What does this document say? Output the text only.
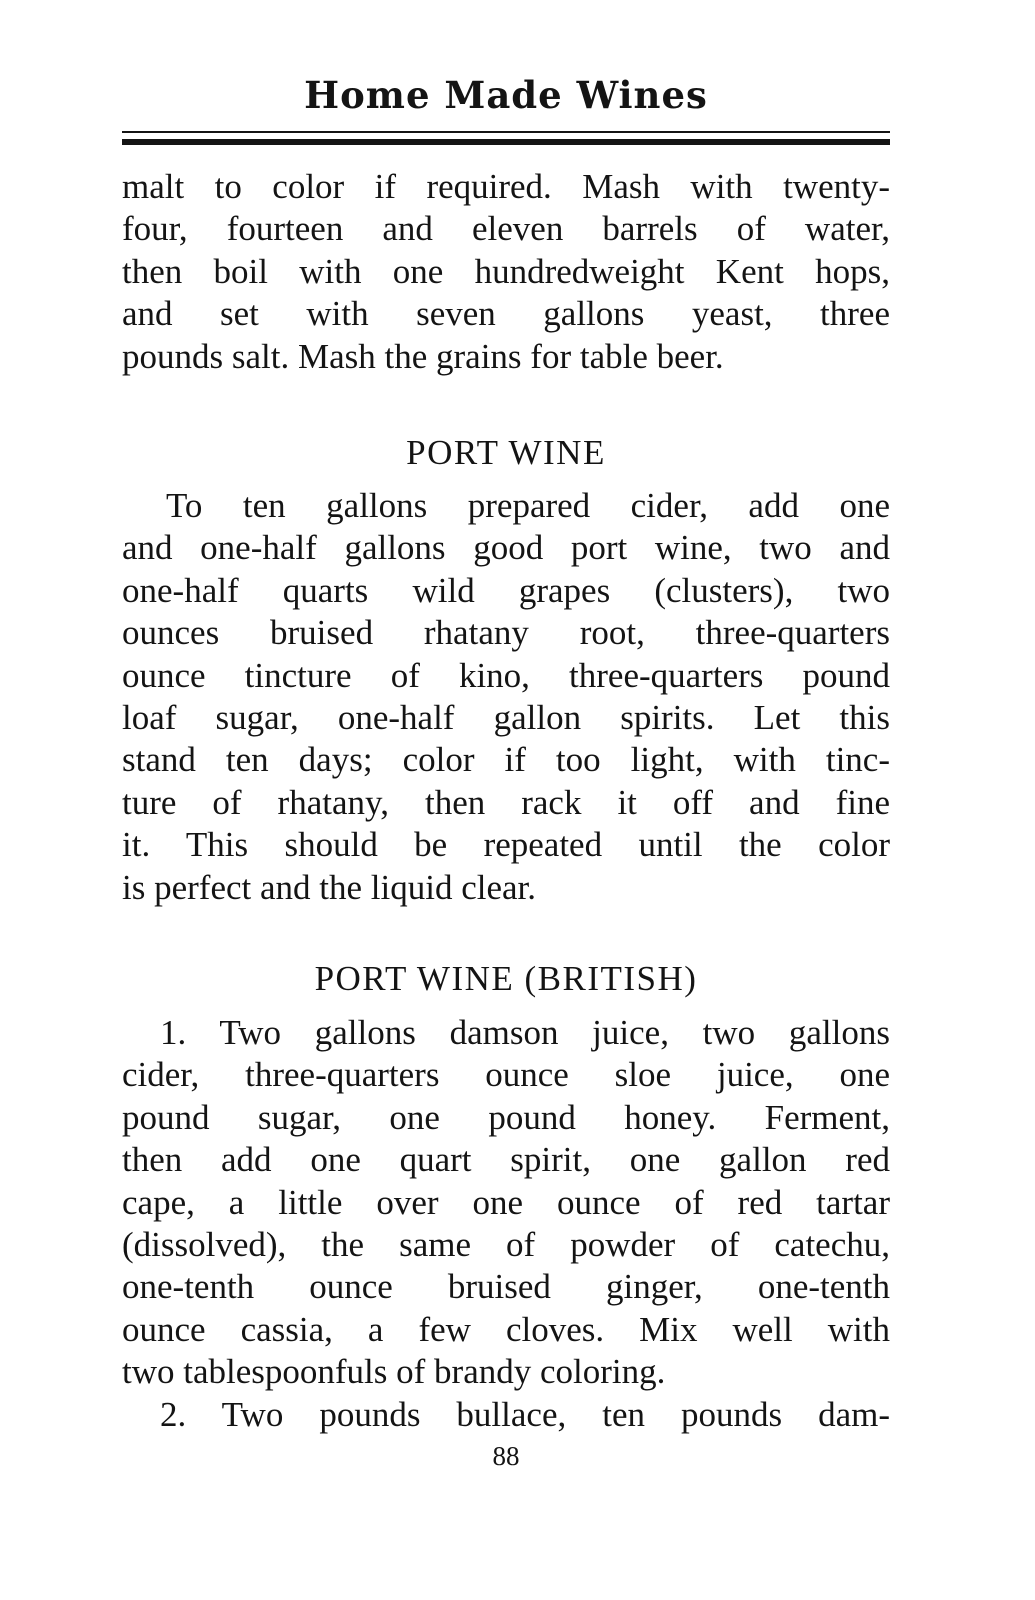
Home Made Wines
malt to color if required. Mash with twenty-
four, fourteen and eleven barrels of water,
then boil with one hundredweight Kent hops,
and set with seven gallons yeast, three
pounds salt. Mash the grains for table beer.
PORT WINE
To ten gallons prepared cider, add one
and one-half gallons good port wine, two and
one-half quarts wild grapes (clusters), two
ounces bruised rhatany root, three-quarters
ounce tincture of kino, three-quarters pound
loaf sugar, one-half gallon spirits. Let this
stand ten days; color if too light, with tinc-
ture of rhatany, then rack it off and fine
it. This should be repeated until the color
is perfect and the liquid clear.
PORT WINE (BRITISH)
1. Two gallons damson juice, two gallons
cider, three-quarters ounce sloe juice, one
pound sugar, one pound honey. Ferment,
then add one quart spirit, one gallon red
cape, a little over one ounce of red tartar
(dissolved), the same of powder of catechu,
one-tenth ounce bruised ginger, one-tenth
ounce cassia, a few cloves. Mix well with
two tablespoonfuls of brandy coloring.
2. Two pounds bullace, ten pounds dam-
88
